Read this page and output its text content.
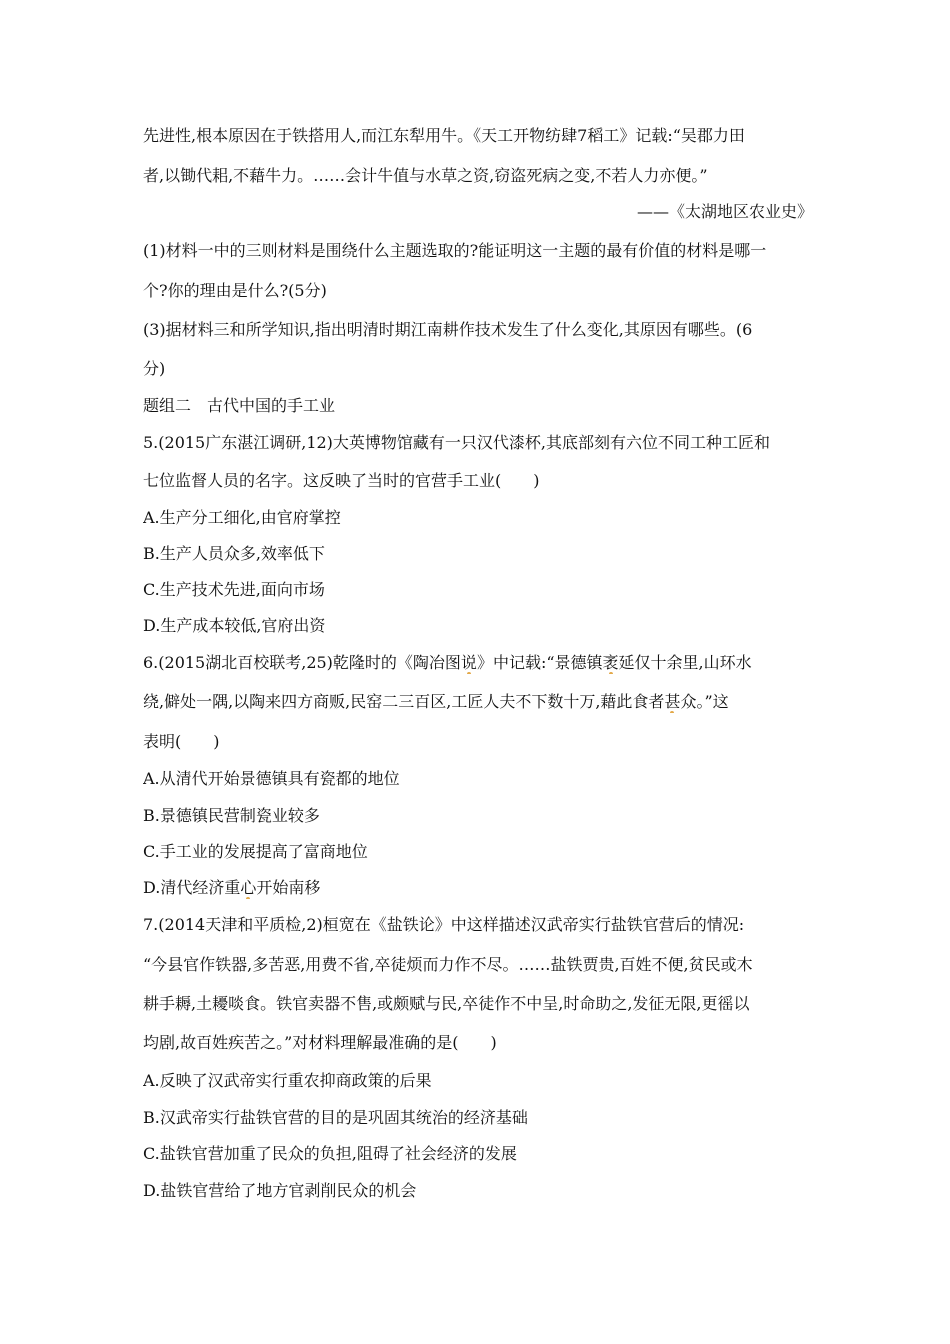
先进性,根本原因在于铁搭用人,而江东犁用牛。《天工开物纺肆7稻工》记载:“吴郡力田
者,以锄代耜,不藉牛力。……会计牛值与水草之资,窃盗死病之变,不若人力亦便。”
——《太湖地区农业史》
(1)材料一中的三则材料是围绕什么主题选取的?能证明这一主题的最有价值的材料是哪一
个?你的理由是什么?(5分)
(3)据材料三和所学知识,指出明清时期江南耕作技术发生了什么变化,其原因有哪些。(6
分)
题组二　古代中国的手工业
5.(2015广东湛江调研,12)大英博物馆藏有一只汉代漆杯,其底部刻有六位不同工种工匠和
七位监督人员的名字。这反映了当时的官营手工业(　　)
A.生产分工细化,由官府掌控
B.生产人员众多,效率低下
C.生产技术先进,面向市场
D.生产成本较低,官府出资
6.(2015湖北百校联考,25)乾隆时的《陶冶图说》中记载:“景德镇袤延仅十余里,山环水
绕,僻处一隅,以陶来四方商贩,民窑二三百区,工匠人夫不下数十万,藉此食者甚众。”这
表明(　　)
A.从清代开始景德镇具有瓷都的地位
B.景德镇民营制瓷业较多
C.手工业的发展提高了富商地位
D.清代经济重心开始南移
7.(2014天津和平质检,2)桓宽在《盐铁论》中这样描述汉武帝实行盐铁官营后的情况:
“今县官作铁器,多苦恶,用费不省,卒徒烦而力作不尽。……盐铁贾贵,百姓不便,贫民或木
耕手耨,土耰啖食。铁官卖器不售,或颇赋与民,卒徒作不中呈,时命助之,发征无限,更徭以
均剧,故百姓疾苦之。”对材料理解最准确的是(　　)
A.反映了汉武帝实行重农抑商政策的后果
B.汉武帝实行盐铁官营的目的是巩固其统治的经济基础
C.盐铁官营加重了民众的负担,阻碍了社会经济的发展
D.盐铁官营给了地方官剥削民众的机会
